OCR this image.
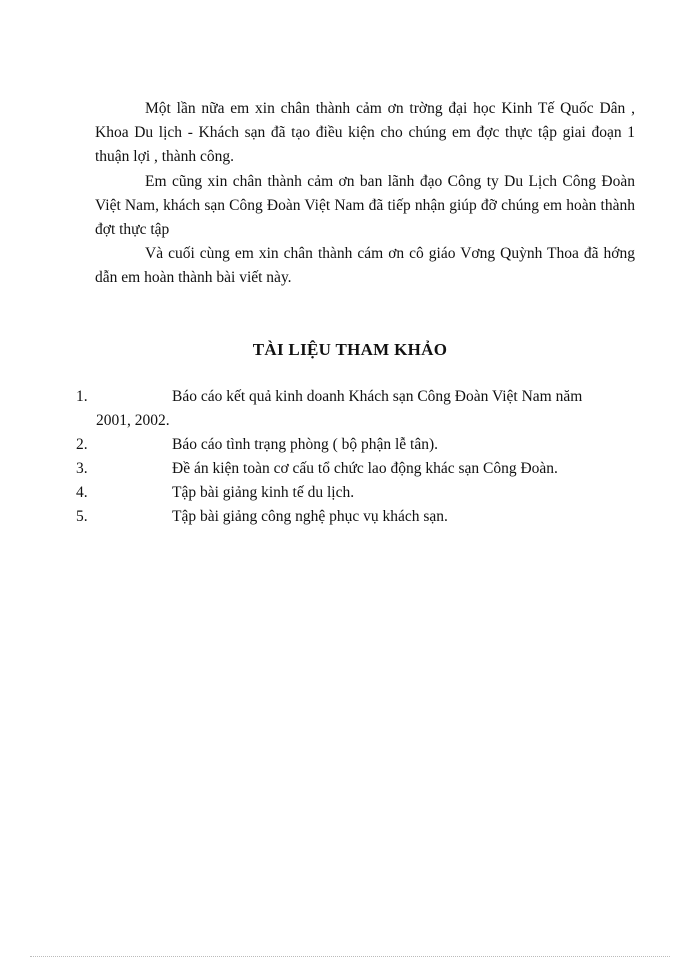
Một lần nữa em xin chân thành cảm ơn trờng đại học Kinh Tế Quốc Dân , Khoa Du lịch - Khách sạn đã tạo điều kiện cho chúng em đợc thực tập giai đoạn 1 thuận lợi , thành công.

Em cũng xin chân thành cảm ơn ban lãnh đạo Công ty Du Lịch Công Đoàn Việt Nam, khách sạn Công Đoàn Việt Nam đã tiếp nhận giúp đỡ chúng em hoàn thành đợt thực tập

Và cuối cùng em xin chân thành cám ơn cô giáo Vơng Quỳnh Thoa đã hớng dẫn em hoàn thành bài viết này.

TÀI LIỆU THAM KHẢO
1.	Báo cáo kết quả kinh doanh Khách sạn Công Đoàn Việt Nam năm
2001, 2002.
2.	Báo cáo tình trạng phòng ( bộ phận lễ tân).
3.	Đề án kiện toàn cơ cấu tổ chức lao động khác sạn Công Đoàn.
4.	Tập bài giảng kinh tế du lịch.
5.	Tập bài giảng công nghệ phục vụ khách sạn.
